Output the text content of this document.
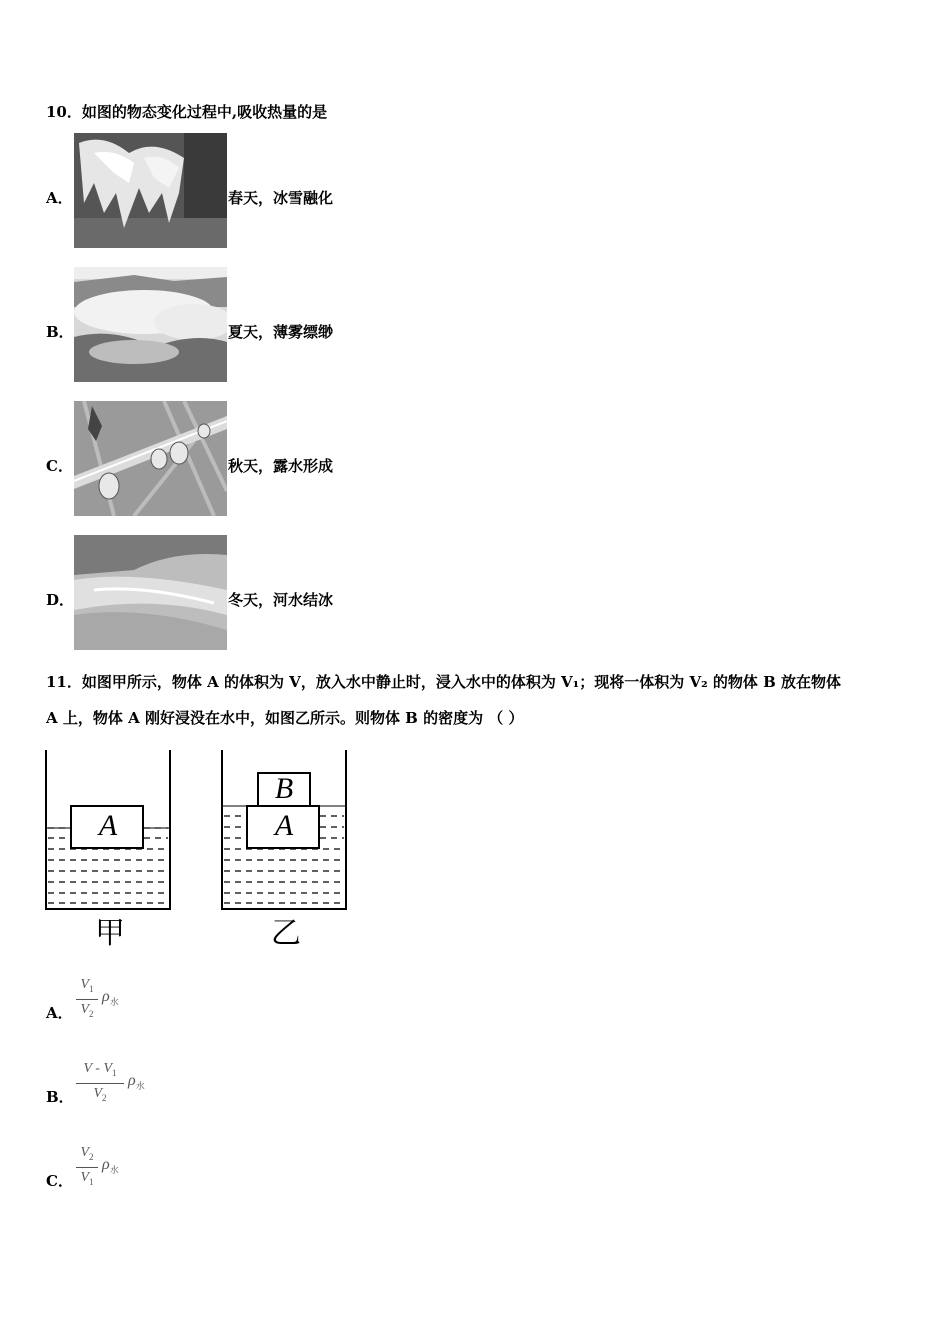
10．如图的物态变化过程中,吸收热量的是
A．	春天，冰雪融化
B．	夏天，薄雾缥缈
C．	秋天，露水形成
D．	冬天，河水结冰
11．如图甲所示，物体 A 的体积为 V，放入水中静止时，浸入水中的体积为 V₁；现将一体积为 V₂ 的物体 B 放在物体
A 上，物体 A 刚好浸没在水中，如图乙所示。则物体 B 的密度为 （ ）
A	A
B
甲	乙
A．
$V_1$
$V_2$
$\rho_水$
B．
V - $V_1$
$V_2$
$\rho_水$
C．
$V_2$
$V_1$
$\rho_水$
